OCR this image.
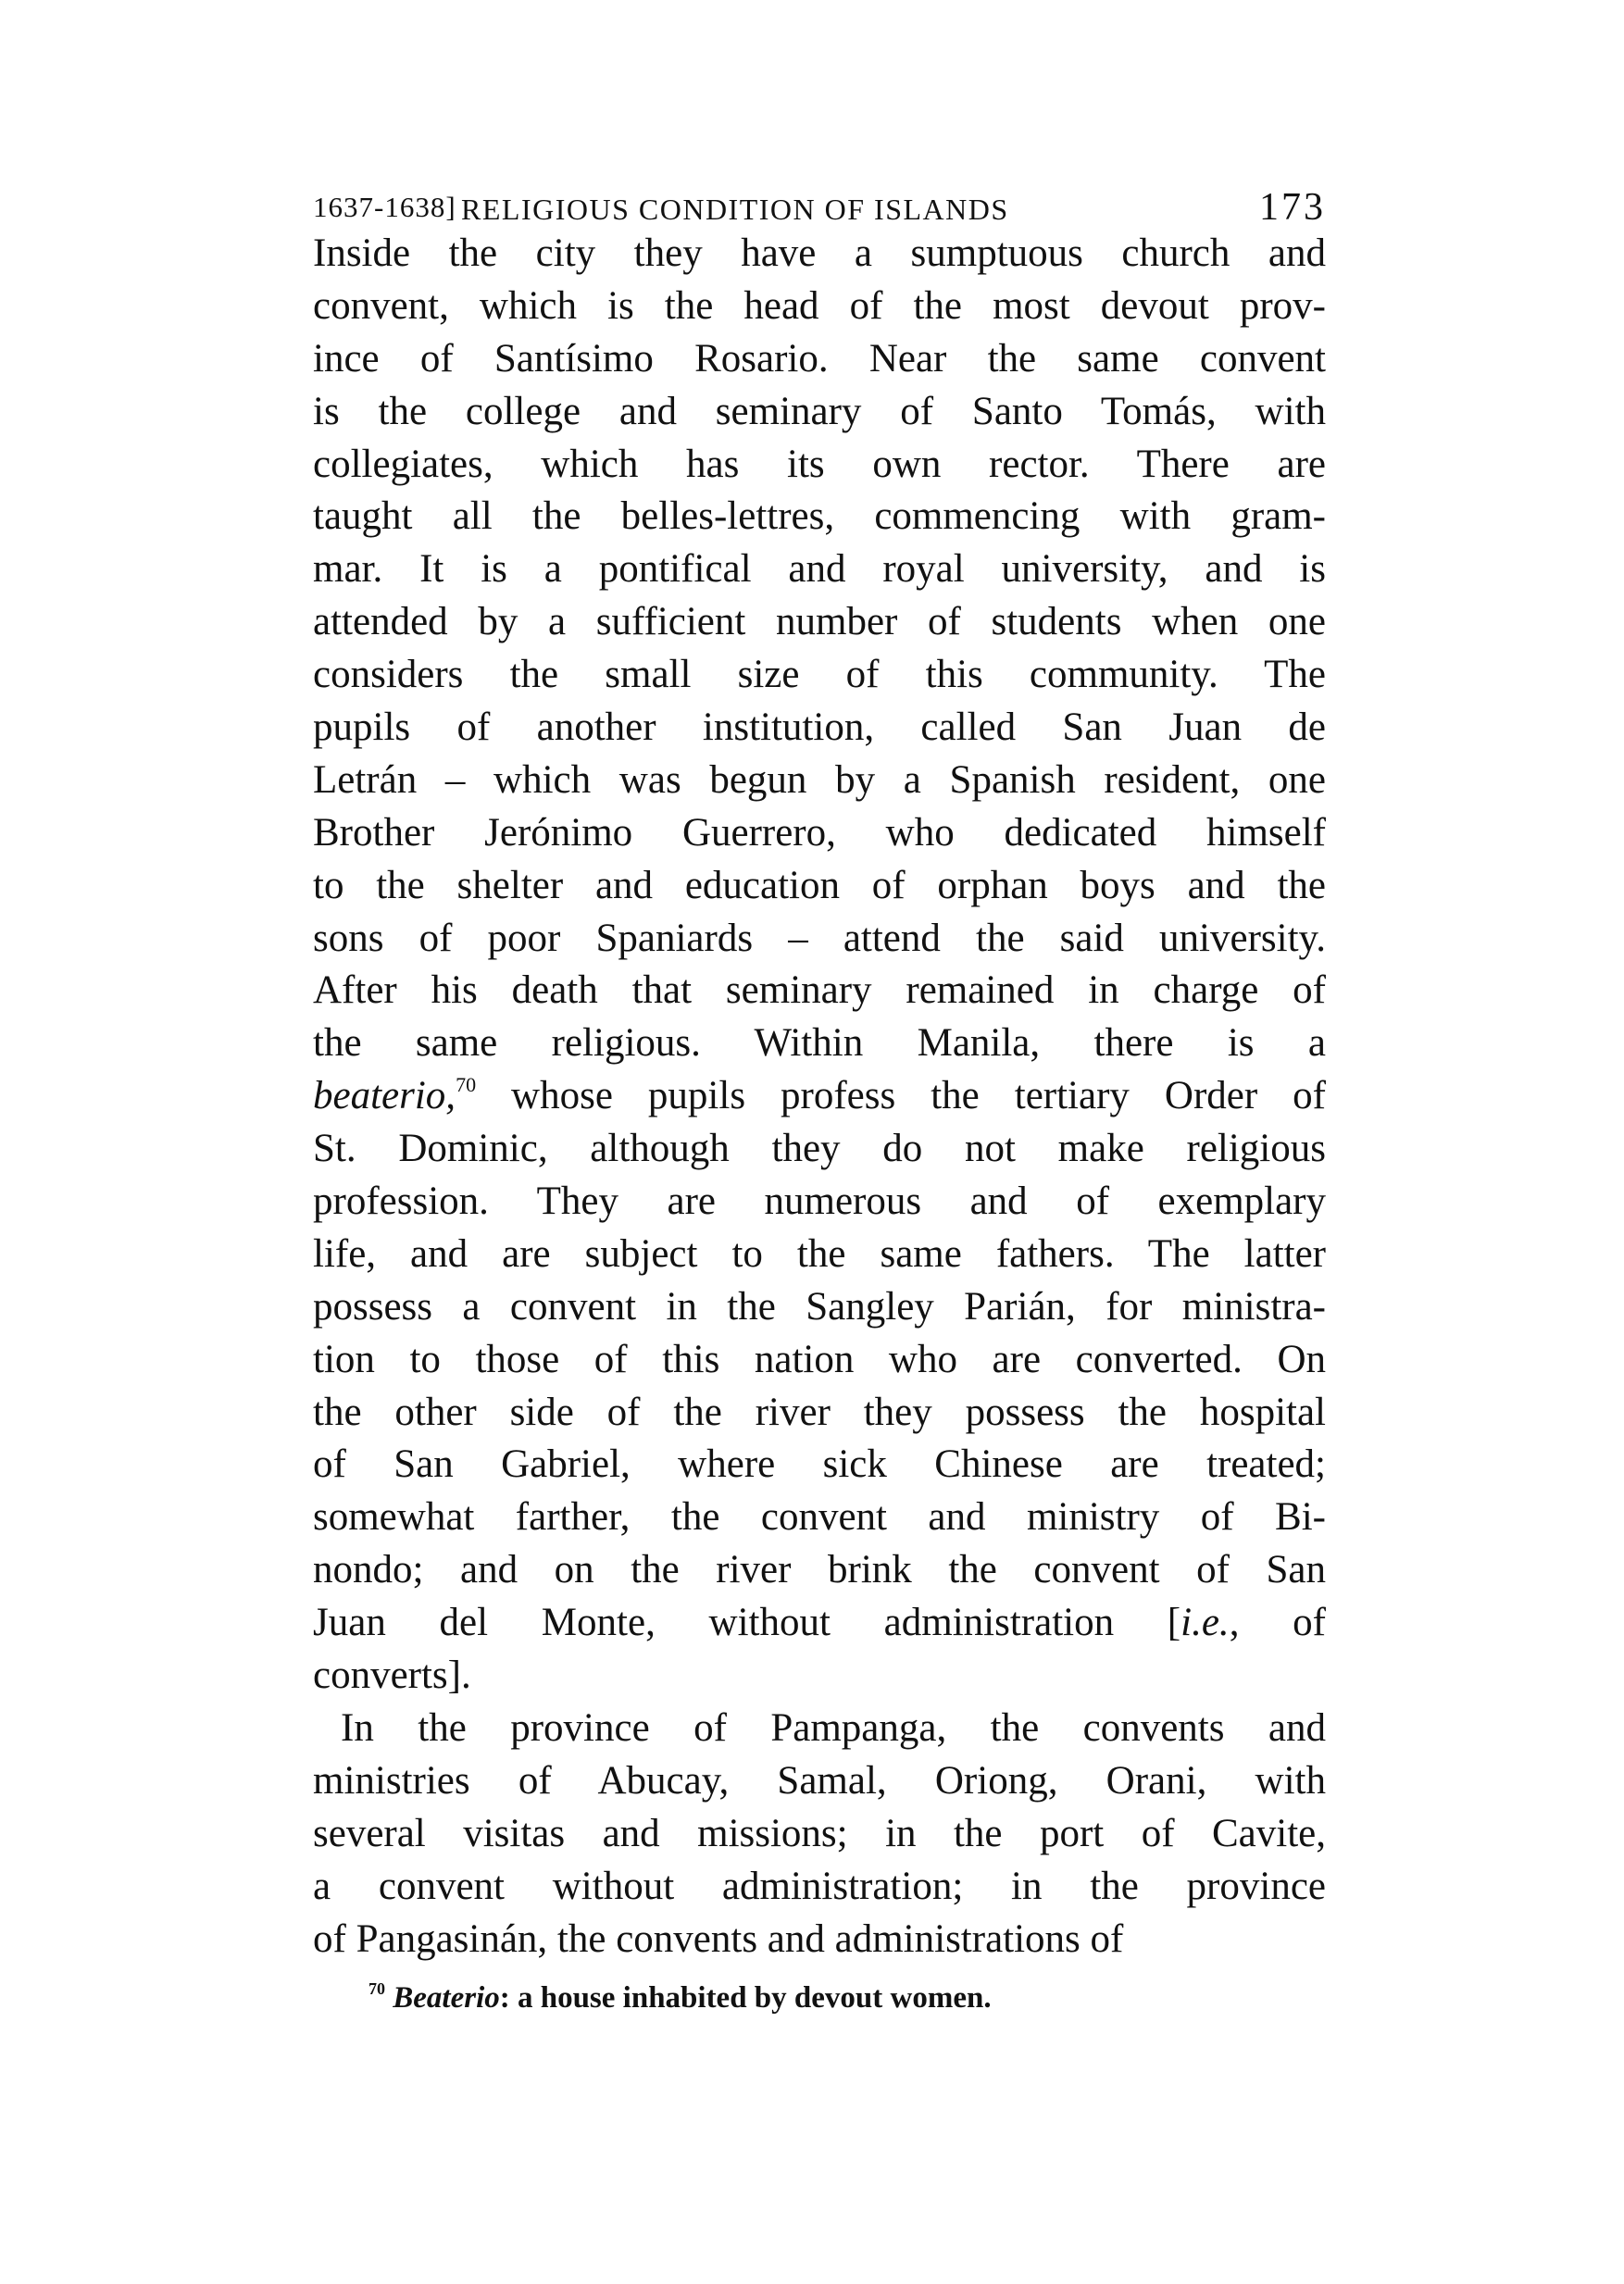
1637-1638] RELIGIOUS CONDITION OF ISLANDS	173
Inside the city they have a sumptuous church and
convent, which is the head of the most devout prov-
ince of Santísimo Rosario. Near the same convent
is the college and seminary of Santo Tomás, with
collegiates, which has its own rector. There are
taught all the belles-lettres, commencing with gram-
mar. It is a pontifical and royal university, and is
attended by a sufficient number of students when one
considers the small size of this community. The
pupils of another institution, called San Juan de
Letrán – which was begun by a Spanish resident, one
Brother Jerónimo Guerrero, who dedicated himself
to the shelter and education of orphan boys and the
sons of poor Spaniards – attend the said university.
After his death that seminary remained in charge of
the same religious. Within Manila, there is a
beaterio,$^{70}$ whose pupils profess the tertiary Order of
St. Dominic, although they do not make religious
profession. They are numerous and of exemplary
life, and are subject to the same fathers. The latter
possess a convent in the Sangley Parián, for ministra-
tion to those of this nation who are converted. On
the other side of the river they possess the hospital
of San Gabriel, where sick Chinese are treated;
somewhat farther, the convent and ministry of Bi-
nondo; and on the river brink the convent of San
Juan del Monte, without administration [i.e., of
converts].
In the province of Pampanga, the convents and
ministries of Abucay, Samal, Oriong, Orani, with
several visitas and missions; in the port of Cavite,
a convent without administration; in the province
of Pangasinán, the convents and administrations of
$^{70}$ Beaterio: a house inhabited by devout women.
